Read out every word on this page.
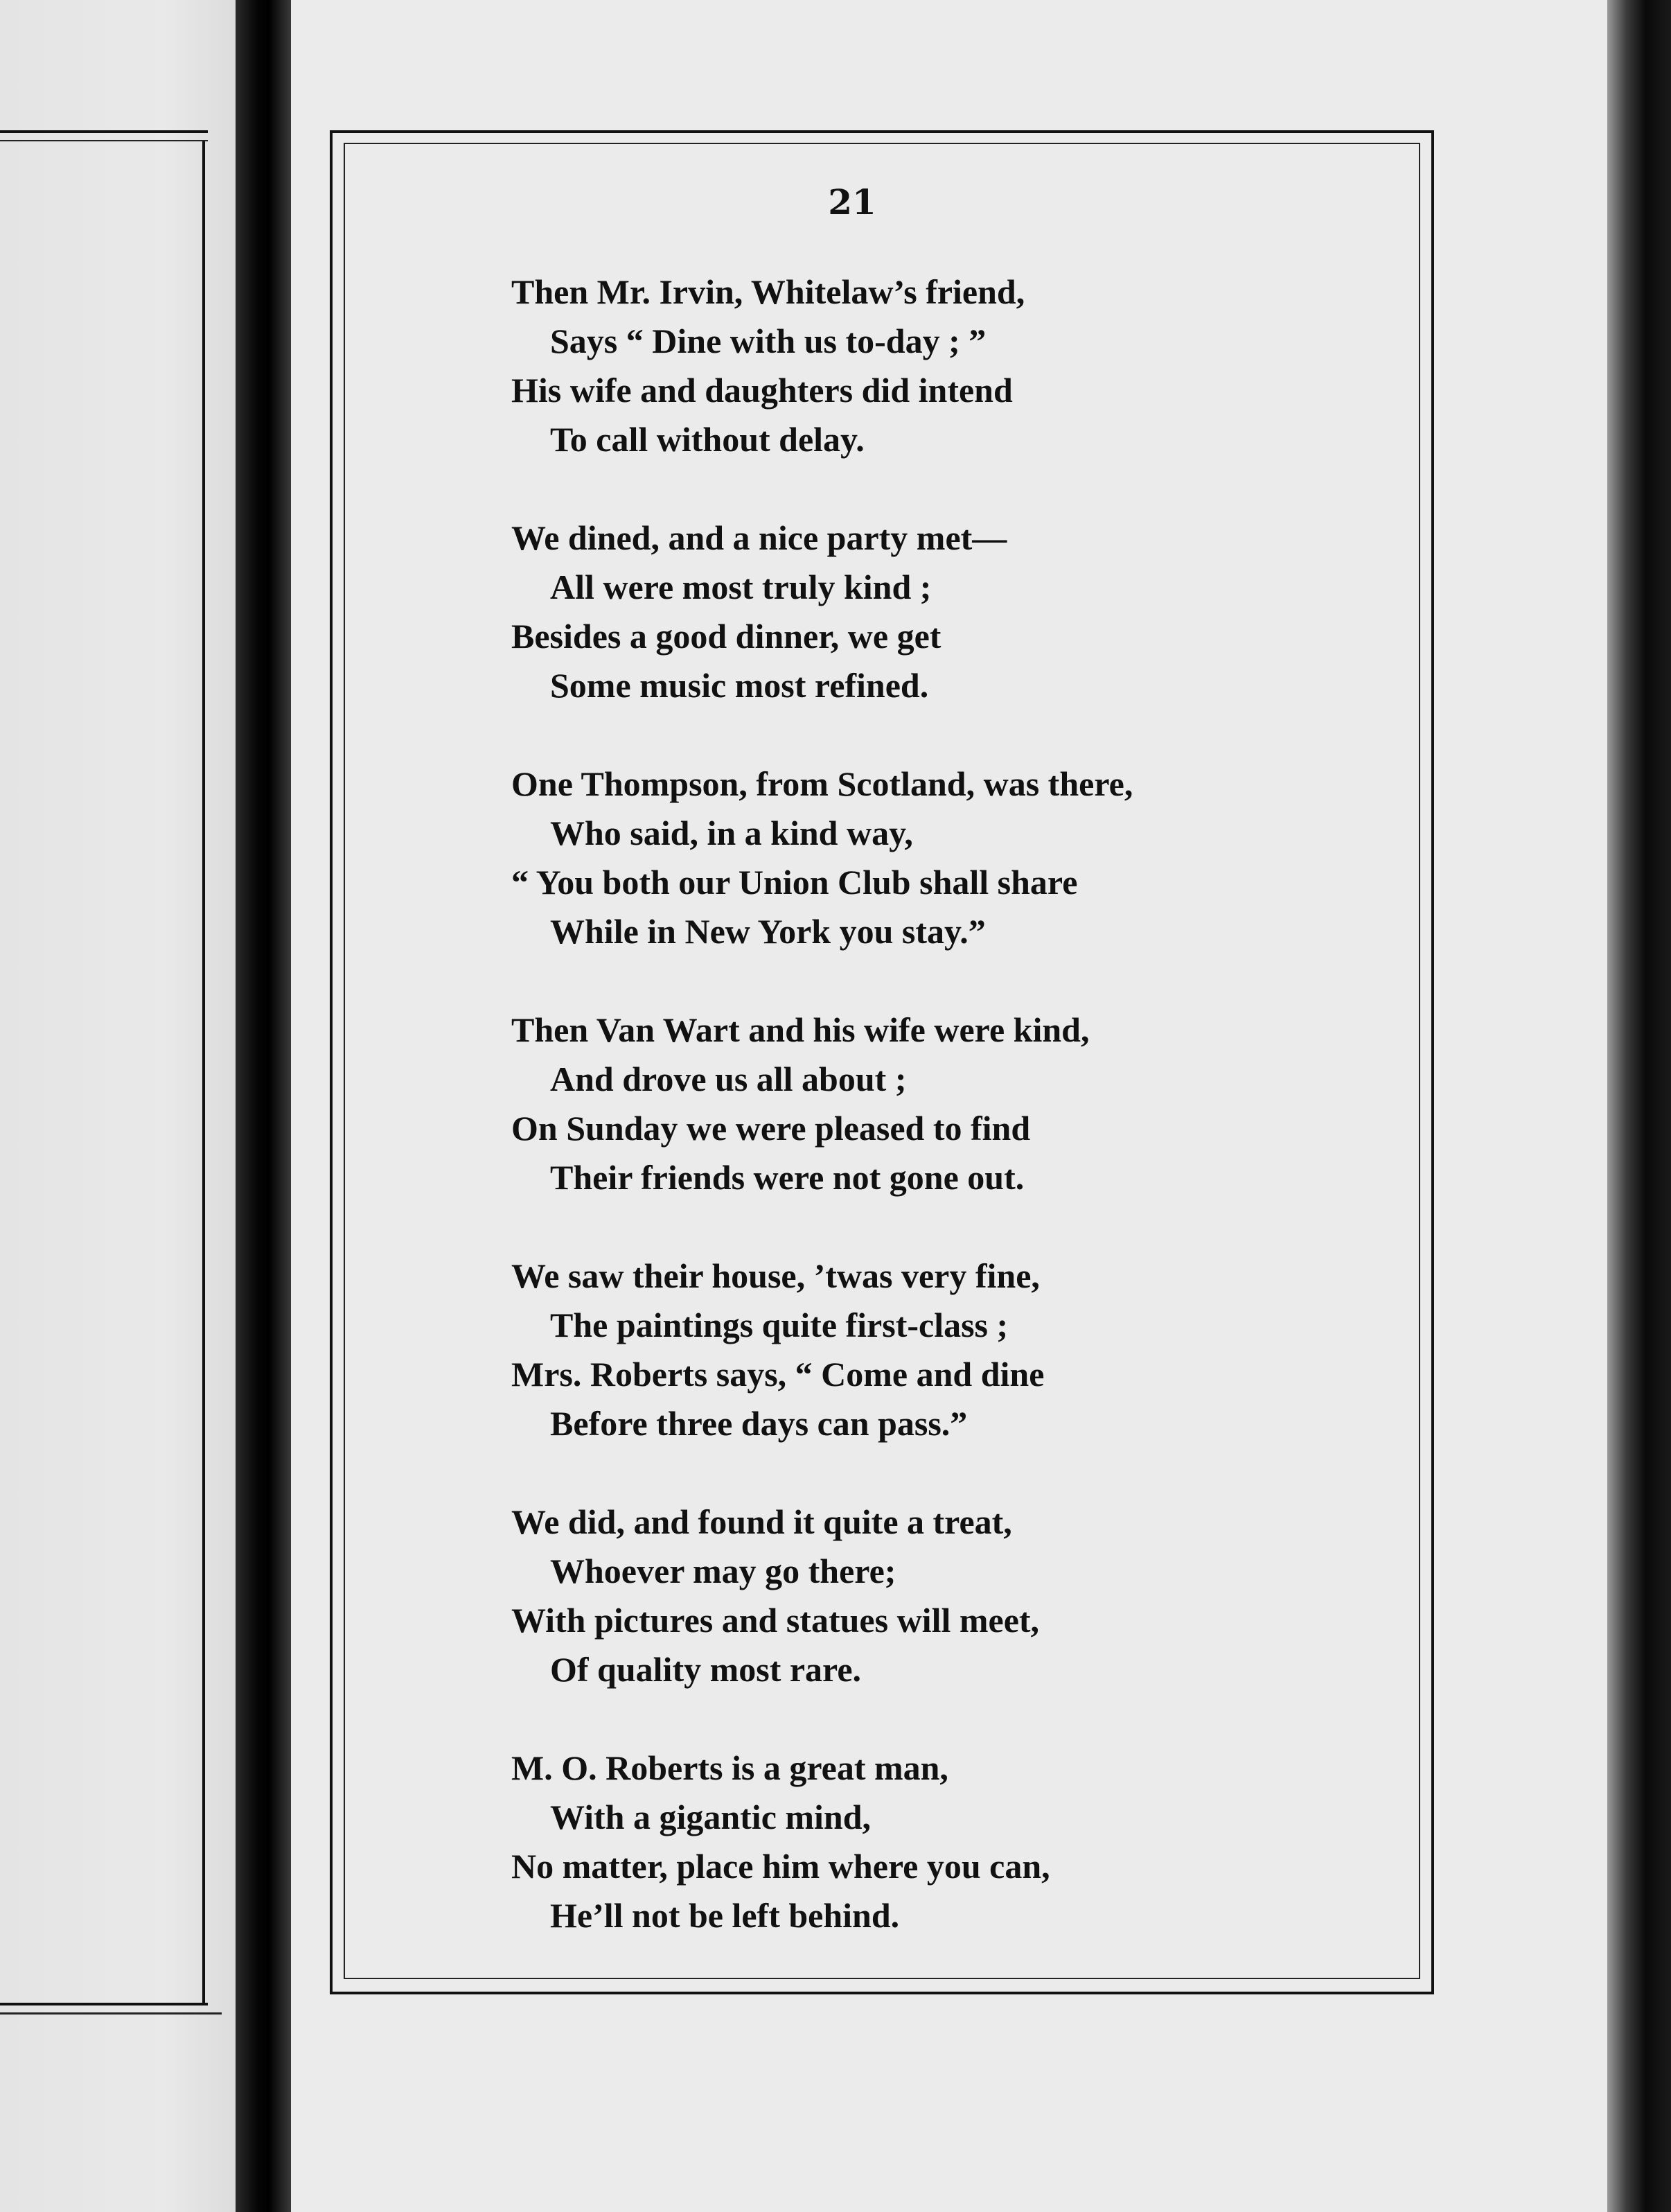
21
Then Mr. Irvin, Whitelaw’s friend,
Says “ Dine with us to-day ; ”
His wife and daughters did intend
To call without delay.
We dined, and a nice party met—
All were most truly kind ;
Besides a good dinner, we get
Some music most refined.
One Thompson, from Scotland, was there,
Who said, in a kind way,
“ You both our Union Club shall share
While in New York you stay.”
Then Van Wart and his wife were kind,
And drove us all about ;
On Sunday we were pleased to find
Their friends were not gone out.
We saw their house, ’twas very fine,
The paintings quite first-class ;
Mrs. Roberts says, “ Come and dine
Before three days can pass.”
We did, and found it quite a treat,
Whoever may go there;
With pictures and statues will meet,
Of quality most rare.
M. O. Roberts is a great man,
With a gigantic mind,
No matter, place him where you can,
He’ll not be left behind.
